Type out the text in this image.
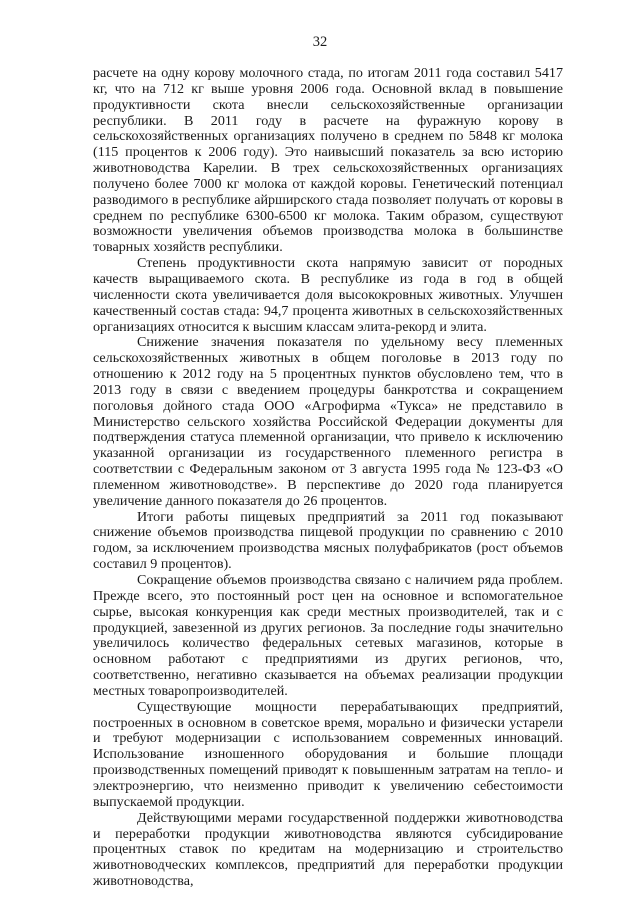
32

расчете на одну корову молочного стада, по итогам 2011 года составил 5417 кг, что на 712 кг выше уровня 2006 года. Основной вклад в повышение продуктивности скота внесли сельскохозяйственные организации республики. В 2011 году в расчете на фуражную корову в сельскохозяйственных организациях получено в среднем по 5848 кг молока (115 процентов к 2006 году). Это наивысший показатель за всю историю животноводства Карелии. В трех сельскохозяйственных организациях получено более 7000 кг молока от каждой коровы. Генетический потенциал разводимого в республике айрширского стада позволяет получать от коровы в среднем по республике 6300-6500 кг молока. Таким образом, существуют возможности увеличения объемов производства молока в большинстве товарных хозяйств республики.

Степень продуктивности скота напрямую зависит от породных качеств выращиваемого скота. В республике из года в год в общей численности скота увеличивается доля высококровных животных. Улучшен качественный состав стада: 94,7 процента животных в сельскохозяйственных организациях относится к высшим классам элита-рекорд и элита.

Снижение значения показателя по удельному весу племенных сельскохозяйственных животных в общем поголовье в 2013 году по отношению к 2012 году на 5 процентных пунктов обусловлено тем, что в 2013 году в связи с введением процедуры банкротства и сокращением поголовья дойного стада ООО «Агрофирма «Тукса» не представило в Министерство сельского хозяйства Российской Федерации документы для подтверждения статуса племенной организации, что привело к исключению указанной организации из государственного племенного регистра в соответствии с Федеральным законом от 3 августа 1995 года № 123-ФЗ «О племенном животноводстве». В перспективе до 2020 года планируется увеличение данного показателя до 26 процентов.

Итоги работы пищевых предприятий за 2011 год показывают снижение объемов производства пищевой продукции по сравнению с 2010 годом, за исключением производства мясных полуфабрикатов (рост объемов составил 9 процентов).

Сокращение объемов производства связано с наличием ряда проблем. Прежде всего, это постоянный рост цен на основное и вспомогательное сырье, высокая конкуренция как среди местных производителей, так и с продукцией, завезенной из других регионов. За последние годы значительно увеличилось количество федеральных сетевых магазинов, которые в основном работают с предприятиями из других регионов, что, соответственно, негативно сказывается на объемах реализации продукции местных товаропроизводителей.

Существующие мощности перерабатывающих предприятий, построенных в основном в советское время, морально и физически устарели и требуют модернизации с использованием современных инноваций. Использование изношенного оборудования и большие площади производственных помещений приводят к повышенным затратам на тепло- и электроэнергию, что неизменно приводит к увеличению себестоимости выпускаемой продукции.

Действующими мерами государственной поддержки животноводства и переработки продукции животноводства являются субсидирование процентных ставок по кредитам на модернизацию и строительство животноводческих комплексов, предприятий для переработки продукции животноводства,
